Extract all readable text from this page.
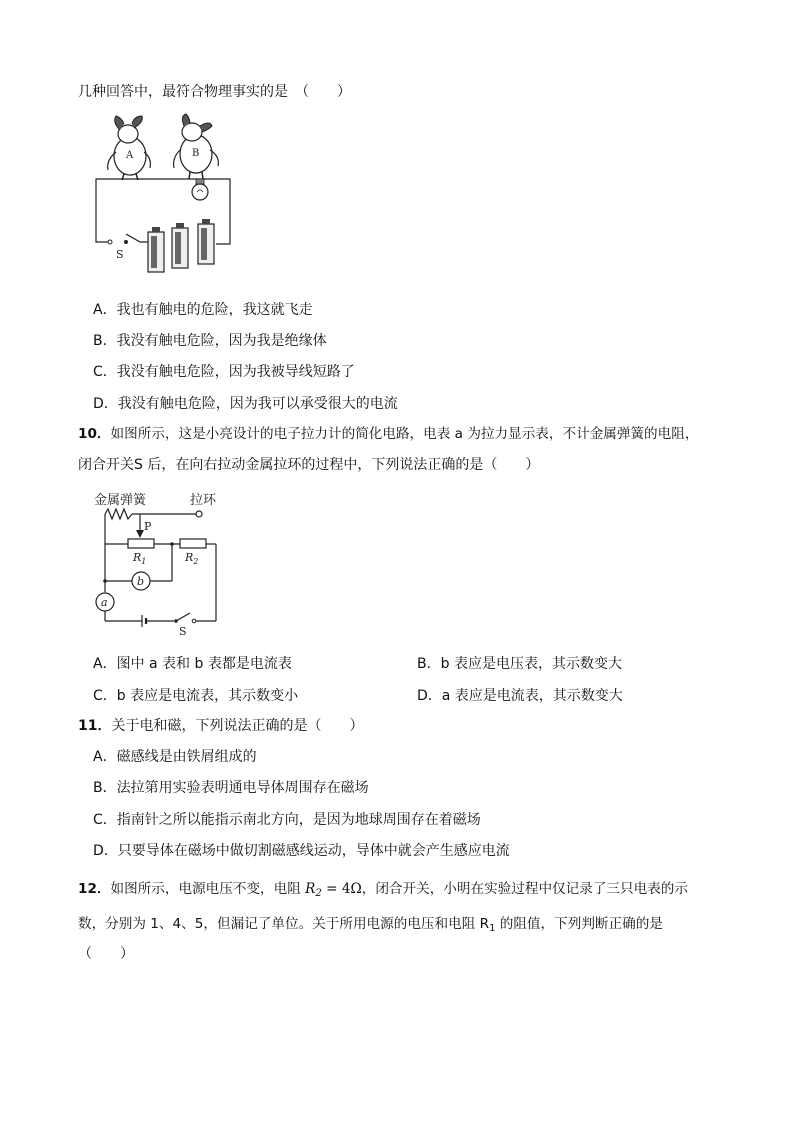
几种回答中，最符合物理事实的是　（　　）
A	B
S
A．我也有触电的危险，我这就飞走
B．我没有触电危险，因为我是绝缘体
C．我没有触电危险，因为我被导线短路了
D．我没有触电危险，因为我可以承受很大的电流
10．如图所示，这是小亮设计的电子拉力计的简化电路，电表 a 为拉力显示表，不计金属弹簧的电阻，
闭合开关S 后，在向右拉动金属拉环的过程中，下列说法正确的是（　　）
金属弹簧	拉环
P
$R_1$	$R_2$
b
a
S
A．图中 a 表和 b 表都是电流表	B．b 表应是电压表，其示数变大
C．b 表应是电流表，其示数变小	D．a 表应是电流表，其示数变大
11．关于电和磁，下列说法正确的是（　　）
A．磁感线是由铁屑组成的
B．法拉第用实验表明通电导体周围存在磁场
C．指南针之所以能指示南北方向，是因为地球周围存在着磁场
D．只要导体在磁场中做切割磁感线运动，导体中就会产生感应电流
12．如图所示，电源电压不变，电阻 $R_2 = 4\Omega$，闭合开关，小明在实验过程中仅记录了三只电表的示
数，分别为 1、4、5，但漏记了单位。关于所用电源的电压和电阻 $R_1$ 的阻值，下列判断正确的是
（　　）
